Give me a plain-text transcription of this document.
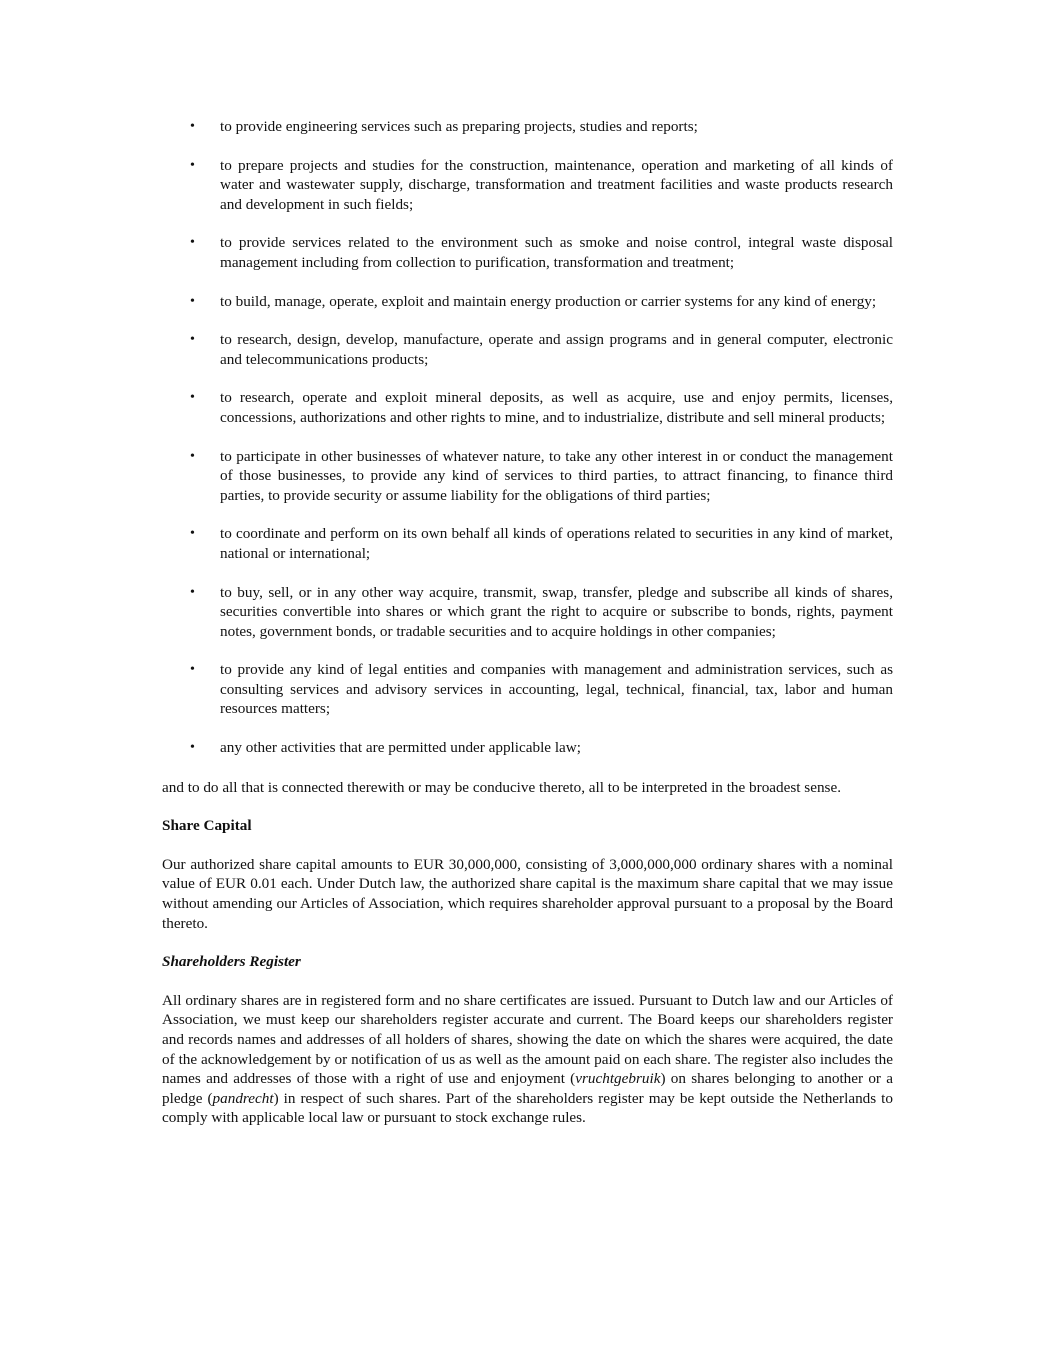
• to provide engineering services such as preparing projects, studies and reports;
• to prepare projects and studies for the construction, maintenance, operation and marketing of all kinds of water and wastewater supply, discharge, transformation and treatment facilities and waste products research and development in such fields;
• to provide services related to the environment such as smoke and noise control, integral waste disposal management including from collection to purification, transformation and treatment;
• to build, manage, operate, exploit and maintain energy production or carrier systems for any kind of energy;
• to research, design, develop, manufacture, operate and assign programs and in general computer, electronic and telecommunications products;
• to research, operate and exploit mineral deposits, as well as acquire, use and enjoy permits, licenses, concessions, authorizations and other rights to mine, and to industrialize, distribute and sell mineral products;
• to participate in other businesses of whatever nature, to take any other interest in or conduct the management of those businesses, to provide any kind of services to third parties, to attract financing, to finance third parties, to provide security or assume liability for the obligations of third parties;
• to coordinate and perform on its own behalf all kinds of operations related to securities in any kind of market, national or international;
• to buy, sell, or in any other way acquire, transmit, swap, transfer, pledge and subscribe all kinds of shares, securities convertible into shares or which grant the right to acquire or subscribe to bonds, rights, payment notes, government bonds, or tradable securities and to acquire holdings in other companies;
• to provide any kind of legal entities and companies with management and administration services, such as consulting services and advisory services in accounting, legal, technical, financial, tax, labor and human resources matters;
• any other activities that are permitted under applicable law;

and to do all that is connected therewith or may be conducive thereto, all to be interpreted in the broadest sense.

Share Capital

Our authorized share capital amounts to EUR 30,000,000, consisting of 3,000,000,000 ordinary shares with a nominal value of EUR 0.01 each. Under Dutch law, the authorized share capital is the maximum share capital that we may issue without amending our Articles of Association, which requires shareholder approval pursuant to a proposal by the Board thereto.

Shareholders Register

All ordinary shares are in registered form and no share certificates are issued. Pursuant to Dutch law and our Articles of Association, we must keep our shareholders register accurate and current. The Board keeps our shareholders register and records names and addresses of all holders of shares, showing the date on which the shares were acquired, the date of the acknowledgement by or notification of us as well as the amount paid on each share. The register also includes the names and addresses of those with a right of use and enjoyment (vruchtgebruik) on shares belonging to another or a pledge (pandrecht) in respect of such shares. Part of the shareholders register may be kept outside the Netherlands to comply with applicable local law or pursuant to stock exchange rules.
